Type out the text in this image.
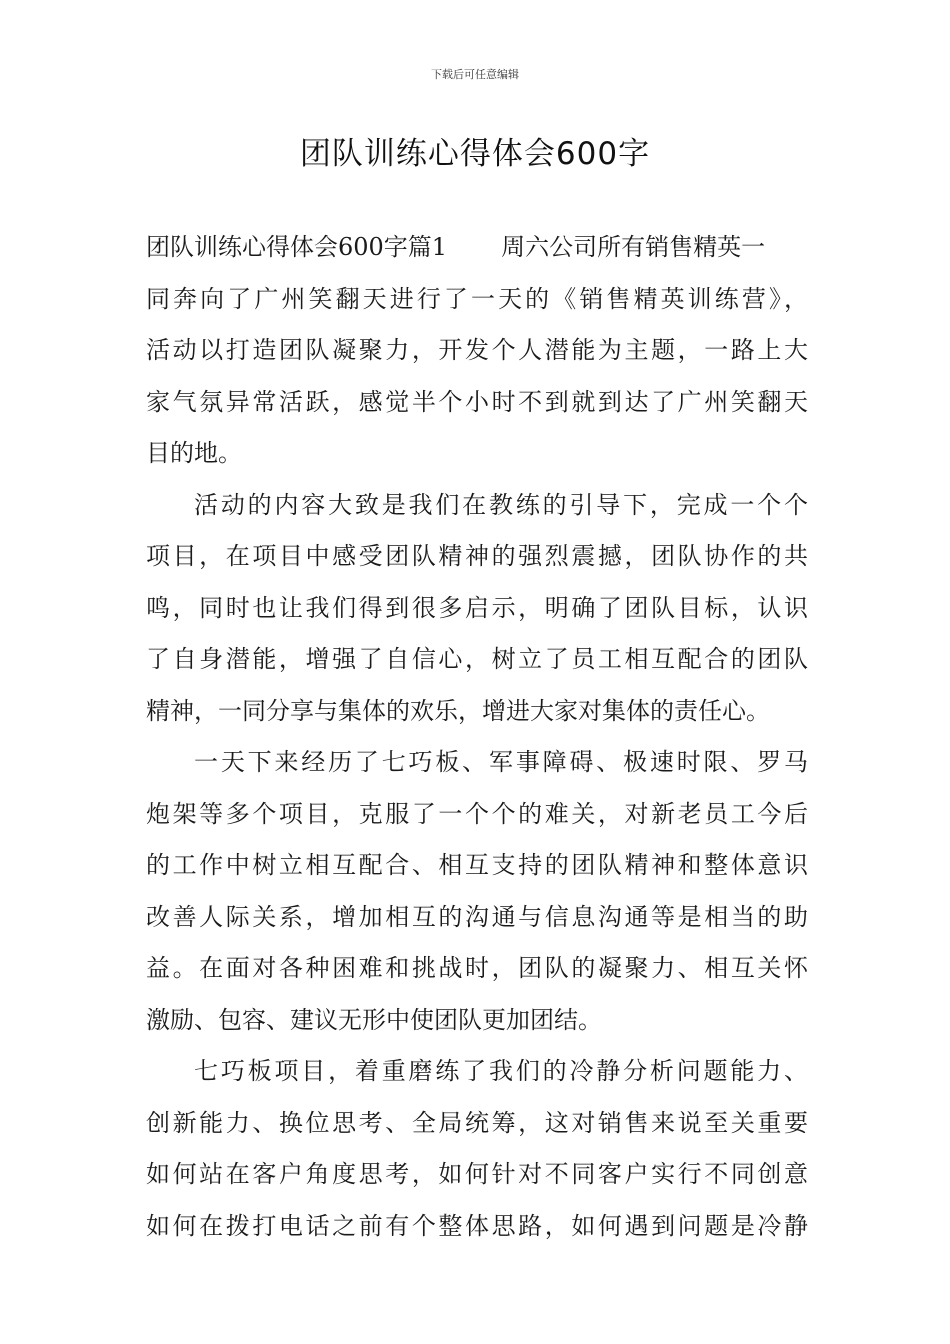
下载后可任意编辑
团队训练心得体会600字
团队训练心得体会600字篇1 周六公司所有销售精英一
同奔向了广州笑翻天进行了一天的《销售精英训练营》，
活动以打造团队凝聚力，开发个人潜能为主题，一路上大
家气氛异常活跃，感觉半个小时不到就到达了广州笑翻天
目的地。
活动的内容大致是我们在教练的引导下，完成一个个
项目，在项目中感受团队精神的强烈震撼，团队协作的共
鸣，同时也让我们得到很多启示，明确了团队目标，认识
了自身潜能，增强了自信心，树立了员工相互配合的团队
精神，一同分享与集体的欢乐，增进大家对集体的责任心。
一天下来经历了七巧板、军事障碍、极速时限、罗马
炮架等多个项目，克服了一个个的难关，对新老员工今后
的工作中树立相互配合、相互支持的团队精神和整体意识
改善人际关系，增加相互的沟通与信息沟通等是相当的助
益。在面对各种困难和挑战时，团队的凝聚力、相互关怀
激励、包容、建议无形中使团队更加团结。
七巧板项目，着重磨练了我们的冷静分析问题能力、
创新能力、换位思考、全局统筹，这对销售来说至关重要
如何站在客户角度思考，如何针对不同客户实行不同创意
如何在拨打电话之前有个整体思路，如何遇到问题是冷静
